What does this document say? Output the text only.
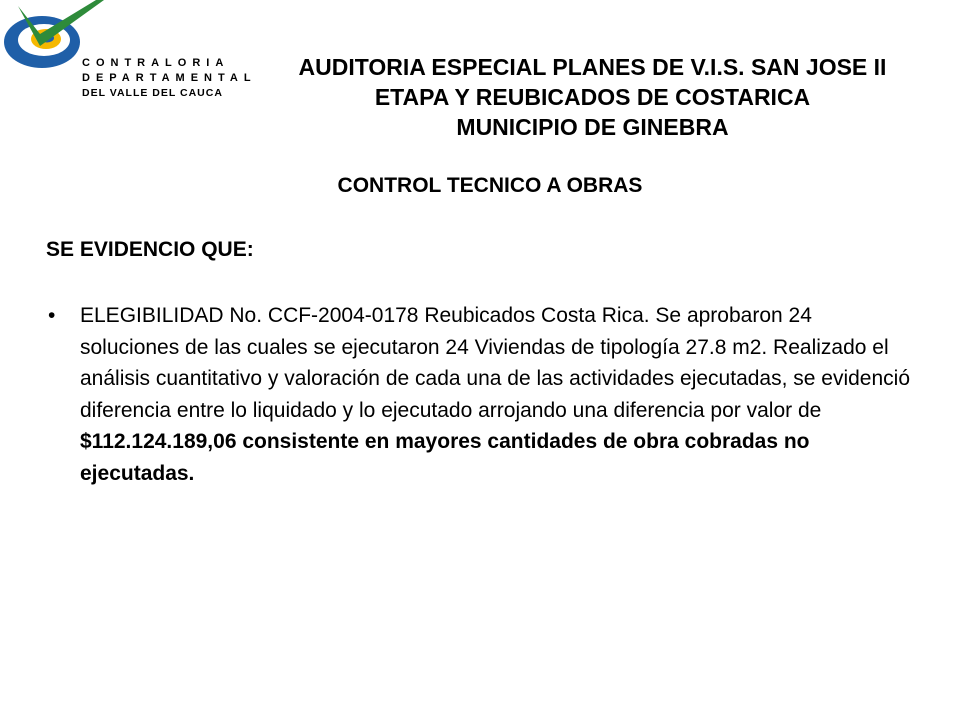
CONTRALORIA
DEPARTAMENTAL
DEL VALLE DEL CAUCA
AUDITORIA ESPECIAL PLANES DE V.I.S. SAN JOSE II
ETAPA Y REUBICADOS DE COSTARICA
MUNICIPIO DE GINEBRA
CONTROL TECNICO A OBRAS
SE EVIDENCIO QUE:
• ELEGIBILIDAD No. CCF-2004-0178 Reubicados Costa Rica. Se aprobaron 24 soluciones de las cuales se ejecutaron 24 Viviendas de tipología 27.8 m2. Realizado el análisis cuantitativo y valoración de cada una de las actividades ejecutadas, se evidenció diferencia entre lo liquidado y lo ejecutado arrojando una diferencia por valor de $112.124.189,06 consistente en mayores cantidades de obra cobradas no ejecutadas.
